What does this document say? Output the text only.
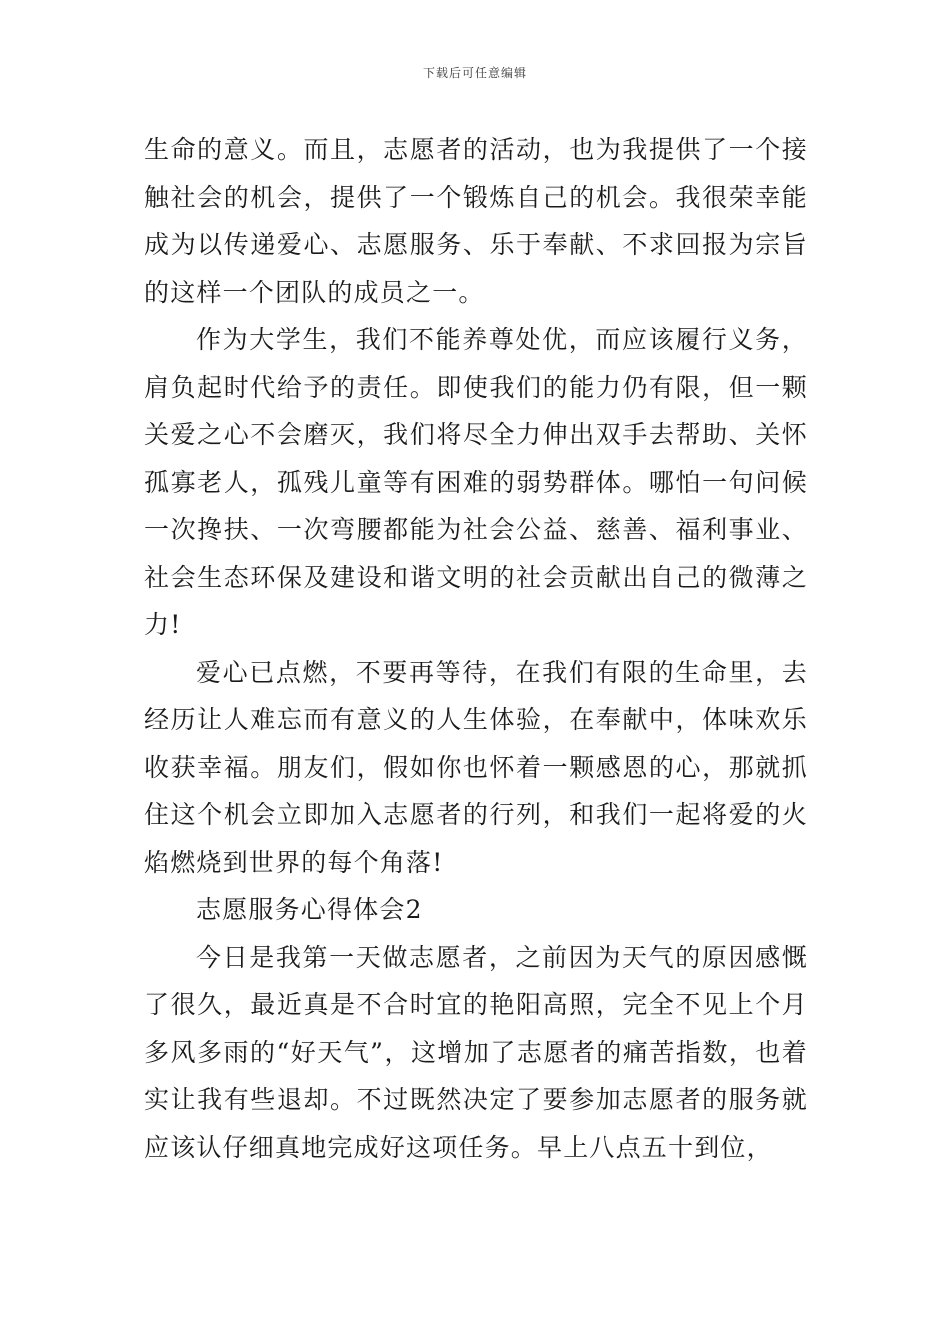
下载后可任意编辑

生命的意义。而且，志愿者的活动，也为我提供了一个接触社会的机会，提供了一个锻炼自己的机会。我很荣幸能成为以传递爱心、志愿服务、乐于奉献、不求回报为宗旨的这样一个团队的成员之一。

作为大学生，我们不能养尊处优，而应该履行义务，肩负起时代给予的责任。即使我们的能力仍有限，但一颗关爱之心不会磨灭，我们将尽全力伸出双手去帮助、关怀孤寡老人，孤残儿童等有困难的弱势群体。哪怕一句问候一次搀扶、一次弯腰都能为社会公益、慈善、福利事业、社会生态环保及建设和谐文明的社会贡献出自己的微薄之力!

爱心已点燃，不要再等待，在我们有限的生命里，去经历让人难忘而有意义的人生体验，在奉献中，体味欢乐收获幸福。朋友们，假如你也怀着一颗感恩的心，那就抓住这个机会立即加入志愿者的行列，和我们一起将爱的火焰燃烧到世界的每个角落!

志愿服务心得体会2

今日是我第一天做志愿者，之前因为天气的原因感慨了很久，最近真是不合时宜的艳阳高照，完全不见上个月多风多雨的“好天气”，这增加了志愿者的痛苦指数，也着实让我有些退却。不过既然决定了要参加志愿者的服务就应该认仔细真地完成好这项任务。早上八点五十到位，
